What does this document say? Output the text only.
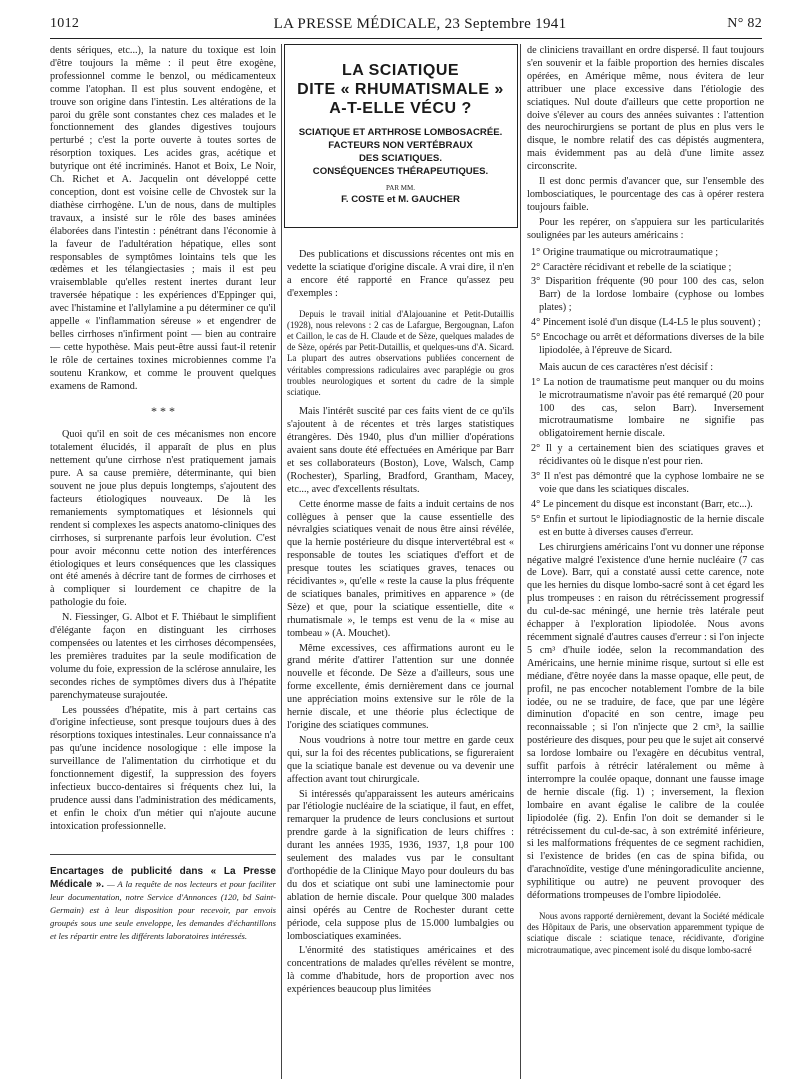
1012	LA PRESSE MÉDICALE, 23 Septembre 1941	N° 82

dents sériques, etc...), la nature du toxique est loin d'être toujours la même : il peut être exogène, professionnel comme le benzol, ou médicamenteux comme l'atophan. Il est plus souvent endogène, et trouve son origine dans l'intestin. Les altérations de la paroi du grêle sont constantes chez ces malades et le fonctionnement des glandes digestives toujours perturbé ; c'est la porte ouverte à toutes sortes de résorption toxiques. Les acides gras, acétique et butyrique ont été incriminés. Hanot et Boix, Le Noir, Ch. Richet et A. Jacquelin ont développé cette conception, dont est voisine celle de Chvostek sur la diathèse cirrhogène. L'un de nous, dans de multiples travaux, a insisté sur le rôle des bases aminées élaborées dans l'intestin : pénétrant dans l'économie à la faveur de l'adultération hépatique, elles sont responsables de symptômes lointains tels que les œdèmes et les télangiectasies ; mais il est peu vraisemblable qu'elles restent inertes durant leur traversée hépatique : les expériences d'Eppinger qui, avec l'histamine et l'allylamine a pu déterminer ce qu'il appelle « l'inflammation séreuse » et engendrer de belles cirrhoses n'infirment point — bien au contraire — cette hypothèse. Mais peut-être aussi faut-il retenir le rôle de certaines toxines microbiennes comme l'a soutenu Krankow, et comme le prouvent quelques examens de Ramond.

* * *

Quoi qu'il en soit de ces mécanismes non encore totalement élucidés, il apparaît de plus en plus nettement qu'une cirrhose n'est pratiquement jamais pure. A sa cause première, déterminante, qui bien souvent ne joue plus depuis longtemps, s'ajoutent des facteurs étiologiques nouveaux. De là les remaniements symptomatiques et lésionnels qui rendent si complexes les aspects anatomo-cliniques des cirrhoses, si surprenante parfois leur évolution. C'est pour avoir méconnu cette notion des interférences étiologiques et leurs conséquences que les classiques ont été amenés à décrire tant de formes de cirrhoses et à compliquer si lourdement ce chapitre de la pathologie du foie.

N. Fiessinger, G. Albot et F. Thiébaut le simplifient d'élégante façon en distinguant les cirrhoses compensées ou latentes et les cirrhoses décompensées, les premières traduites par la seule modification de volume du foie, expression de la sclérose annulaire, les secondes riches de symptômes divers dus à l'hépatite parenchymateuse surajoutée.

Les poussées d'hépatite, mis à part certains cas d'origine infectieuse, sont presque toujours dues à des résorptions toxiques intestinales. Leur connaissance n'a pas qu'une incidence nosologique : elle impose la surveillance de l'alimentation du cirrhotique et du fonctionnement digestif, la suppression des foyers infectieux bucco-dentaires si fréquents chez lui, la prudence aussi dans l'administration des médicaments, et enfin le choix d'un métier qui n'ajoute aucune intoxication professionnelle.

Encartages de publicité dans « La Presse Médicale ». — A la requête de nos lecteurs et pour faciliter leur documentation, notre Service d'Annonces (120, bd Saint-Germain) est à leur disposition pour recevoir, par envois groupés sous une seule enveloppe, les demandes d'échantillons et les répartir entre les différents laboratoires intéressés.

LA SCIATIQUE
DITE « RHUMATISMALE »
A-T-ELLE VÉCU ?
SCIATIQUE ET ARTHROSE LOMBOSACRÉE.
FACTEURS NON VERTÉBRAUX
DES SCIATIQUES.
CONSÉQUENCES THÉRAPEUTIQUES.
PAR MM.
F. COSTE et M. GAUCHER

Des publications et discussions récentes ont mis en vedette la sciatique d'origine discale. A vrai dire, il n'en a encore été rapporté en France qu'assez peu d'exemples :

Depuis le travail initial d'Alajouanine et Petit-Dutaillis (1928), nous relevons : 2 cas de Lafargue, Bergougnan, Lafon et Caillon, le cas de H. Claude et de Sèze, quelques malades de de Sèze, opérés par Petit-Dutaillis, et quelques-uns d'A. Sicard. La plupart des autres observations publiées concernent de véritables compressions radiculaires avec paraplégie ou gros troubles neurologiques et sortent du cadre de la simple sciatique.

Mais l'intérêt suscité par ces faits vient de ce qu'ils s'ajoutent à de récentes et très larges statistiques étrangères. Dès 1940, plus d'un millier d'opérations avaient sans doute été effectuées en Amérique par Barr et ses collaborateurs (Boston), Love, Walsch, Camp (Rochester), Sparling, Bradford, Grantham, Macey, etc..., avec d'excellents résultats.

Cette énorme masse de faits a induit certains de nos collègues à penser que la cause essentielle des névralgies sciatiques venait de nous être ainsi révélée, que la hernie postérieure du disque intervertébral est « responsable de toutes les sciatiques d'effort et de presque toutes les sciatiques graves, tenaces ou récidivantes », qu'elle « reste la cause la plus fréquente de sciatiques banales, primitives en apparence » (de Sèze) et que, pour la sciatique essentielle, dite « rhumatismale », le temps est venu de la « mise au tombeau » (A. Mouchet).

Même excessives, ces affirmations auront eu le grand mérite d'attirer l'attention sur une donnée nouvelle et féconde. De Sèze a d'ailleurs, sous une forme excellente, émis dernièrement dans ce journal une appréciation moins extensive sur le rôle de la hernie discale, et une théorie plus éclectique de l'origine des sciatiques communes.

Nous voudrions à notre tour mettre en garde ceux qui, sur la foi des récentes publications, se figureraient que la sciatique banale est devenue ou va devenir une affection avant tout chirurgicale.

Si intéressés qu'apparaissent les auteurs américains par l'étiologie nucléaire de la sciatique, il faut, en effet, remarquer la prudence de leurs conclusions et surtout prendre garde à la signification de leurs chiffres : durant les années 1935, 1936, 1937, 1,8 pour 100 seulement des malades vus par le consultant d'orthopédie de la Clinique Mayo pour douleurs du bas du dos et sciatique ont subi une laminectomie pour ablation de hernie discale. Pour quelque 300 malades ainsi opérés au Centre de Rochester durant cette période, cela suppose plus de 15.000 lumbalgies ou lombosciatiques examinées.

L'énormité des statistiques américaines et des concentrations de malades qu'elles révèlent se montre, là comme d'habitude, hors de proportion avec nos expériences beaucoup plus limitées

de cliniciens travaillant en ordre dispersé. Il faut toujours s'en souvenir et la faible proportion des hernies discales opérées, en Amérique même, nous évitera de leur attribuer une place excessive dans l'étiologie des sciatiques. Nul doute d'ailleurs que cette proportion ne doive s'élever au cours des années suivantes : l'attention des neurochirurgiens se portant de plus en plus vers le disque, le nombre relatif des cas dépistés augmentera, mais évidemment pas au delà d'une limite assez circonscrite.

Il est donc permis d'avancer que, sur l'ensemble des lombosciatiques, le pourcentage des cas à opérer restera toujours faible.

Pour les repérer, on s'appuiera sur les particularités soulignées par les auteurs américains :

1° Origine traumatique ou microtraumatique ;

2° Caractère récidivant et rebelle de la sciatique ;

3° Disparition fréquente (90 pour 100 des cas, selon Barr) de la lordose lombaire (cyphose ou lombes plates) ;

4° Pincement isolé d'un disque (L4-L5 le plus souvent) ;

5° Encochage ou arrêt et déformations diverses de la bile lipiodolée, à l'épreuve de Sicard.

Mais aucun de ces caractères n'est décisif :

1° La notion de traumatisme peut manquer ou du moins le microtraumatisme n'avoir pas été remarqué (20 pour 100 des cas, selon Barr). Inversement microtraumatisme lombaire ne signifie pas obligatoirement hernie discale.

2° Il y a certainement bien des sciatiques graves et récidivantes où le disque n'est pour rien.

3° Il n'est pas démontré que la cyphose lombaire ne se voie que dans les sciatiques discales.

4° Le pincement du disque est inconstant (Barr, etc...).

5° Enfin et surtout le lipiodiagnostic de la hernie discale est en butte à diverses causes d'erreur.

Les chirurgiens américains l'ont vu donner une réponse négative malgré l'existence d'une hernie nucléaire (7 cas de Love). Barr, qui a constaté aussi cette carence, note que les hernies du disque lombo-sacré sont à cet égard les plus trompeuses : en raison du rétrécissement progressif du cul-de-sac méningé, une hernie très latérale peut échapper à l'exploration lipiodolée. Nous avons récemment signalé d'autres causes d'erreur : si l'on injecte 5 cm³ d'huile iodée, selon la recommandation des Américains, une hernie minime risque, surtout si elle est médiane, d'être noyée dans la masse opaque, elle peut, de profil, ne pas encocher notablement l'ombre de la bile iodée, ou ne se traduire, de face, que par une légère diminution d'opacité en son centre, image peu reconnaissable ; si l'on n'injecte que 2 cm³, la saillie postérieure des disques, pour peu que le sujet ait conservé sa lordose lombaire ou l'exagère en décubitus ventral, suffit parfois à rétrécir latéralement ou même à interrompre la coulée opaque, donnant une fausse image de hernie discale (fig. 1) ; inversement, la flexion lombaire en avant égalise le calibre de la coulée lipiodolée (fig. 2). Enfin l'on doit se demander si le rétrécissement du cul-de-sac, à son extrémité inférieure, si les malformations fréquentes de ce segment rachidien, si l'existence de brides (en cas de spina bifida, ou d'arachnoïdite, vestige d'une méningoradiculite ancienne, syphilitique ou autre) ne peuvent provoquer des déformations trompeuses de l'ombre lipiodolée.

Nous avons rapporté dernièrement, devant la Société médicale des Hôpitaux de Paris, une observation apparemment typique de sciatique discale : sciatique tenace, récidivante, d'origine microtraumatique, avec pincement isolé du disque lombo-sacré
